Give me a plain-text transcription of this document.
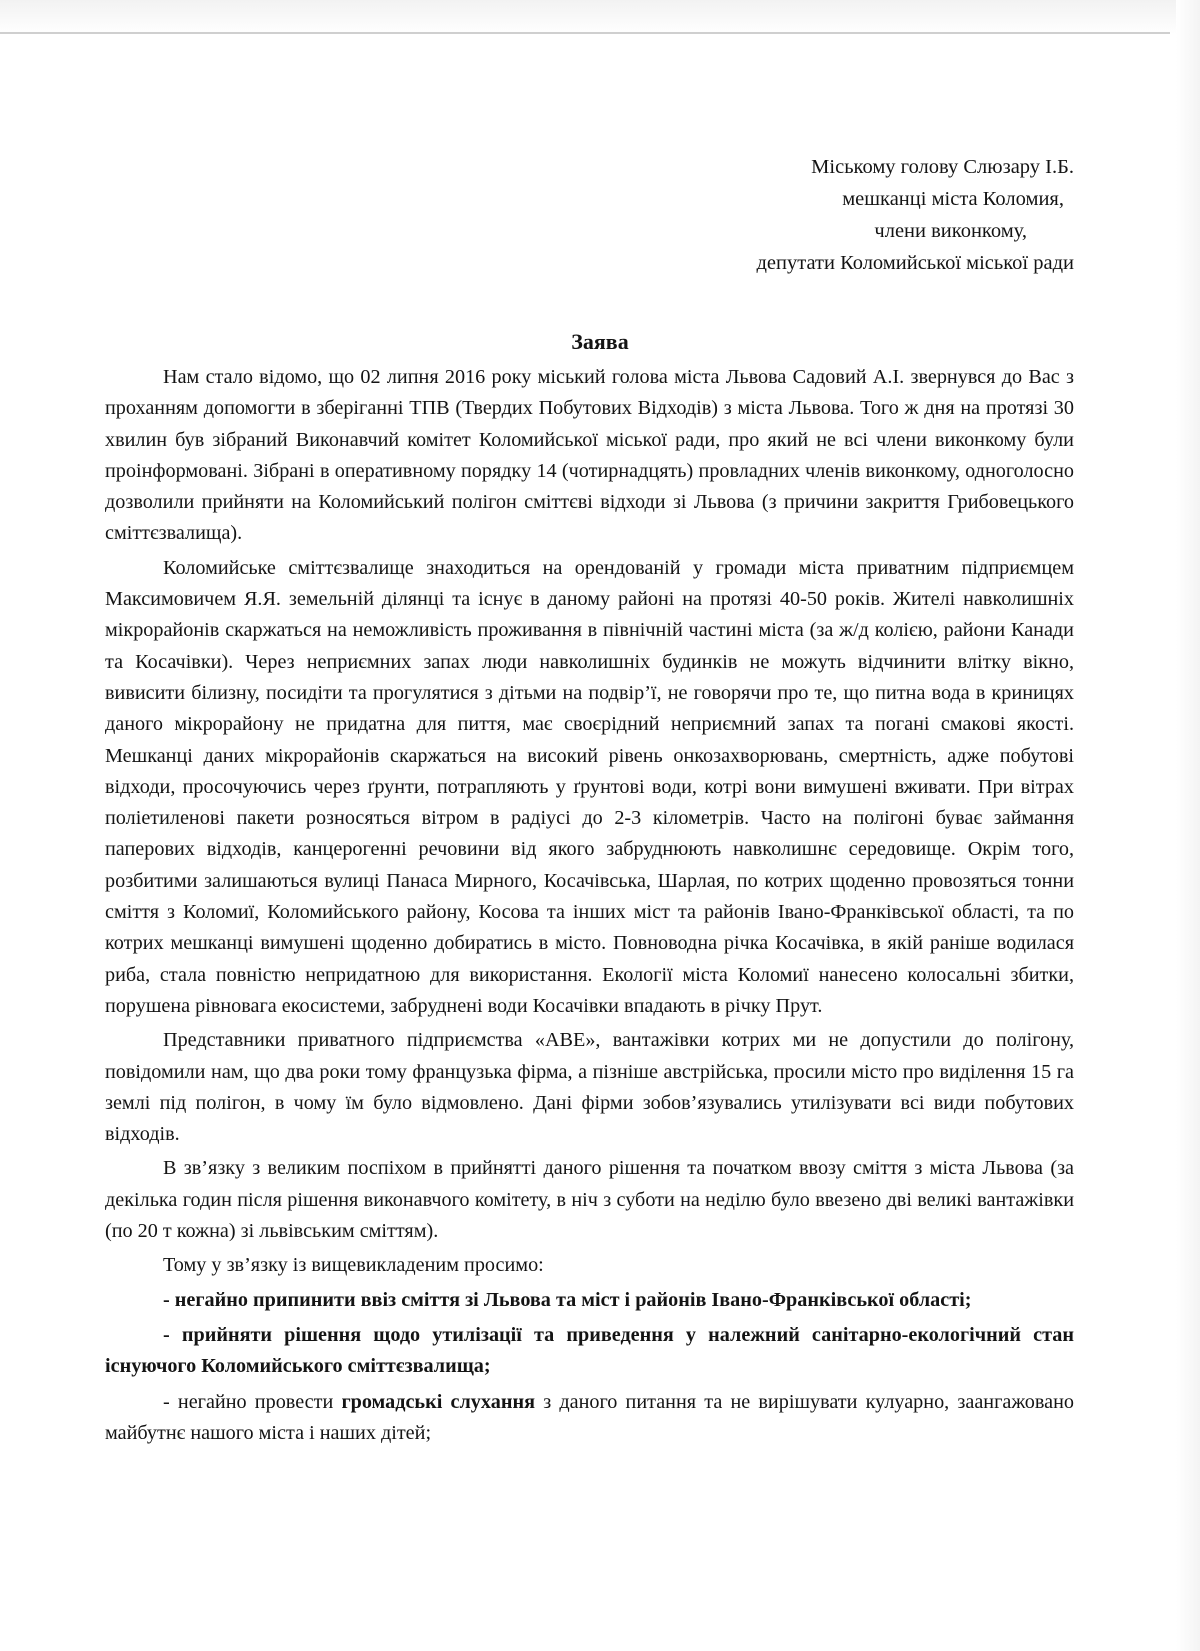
Міському голову Слюзару І.Б.
мешканці міста Коломия,
члени виконкому,
депутати Коломийської міської ради
Заява

Нам стало відомо, що 02 липня 2016 року міський голова міста Львова Садовий А.І. звернувся до Вас з проханням допомогти в зберіганні ТПВ (Твердих Побутових Відходів) з міста Львова. Того ж дня на протязі 30 хвилин був зібраний Виконавчий комітет Коломийської міської ради, про який не всі члени виконкому були проінформовані. Зібрані в оперативному порядку 14 (чотирнадцять) провладних членів виконкому, одноголосно дозволили прийняти на Коломийський полігон сміттєві відходи зі Львова (з причини закриття Грибовецького сміттєзвалища).

Коломийське сміттєзвалище знаходиться на орендованій у громади міста приватним підприємцем Максимовичем Я.Я. земельній ділянці та існує в даному районі на протязі 40-50 років. Жителі навколишніх мікрорайонів скаржаться на неможливість проживання в північній частині міста (за ж/д колією, райони Канади та Косачівки). Через неприємних запах люди навколишніх будинків не можуть відчинити влітку вікно, вивисити білизну, посидіти та прогулятися з дітьми на подвір’ї, не говорячи про те, що питна вода в криницях даного мікрорайону не придатна для пиття, має своєрідний неприємний запах та погані смакові якості. Мешканці даних мікрорайонів скаржаться на високий рівень онкозахворювань, смертність, адже побутові відходи, просочуючись через ґрунти, потрапляють у ґрунтові води, котрі вони вимушені вживати. При вітрах поліетиленові пакети розносяться вітром в радіусі до 2-3 кілометрів. Часто на полігоні буває займання паперових відходів, канцерогенні речовини від якого забруднюють навколишнє середовище. Окрім того, розбитими залишаються вулиці Панаса Мирного, Косачівська, Шарлая, по котрих щоденно провозяться тонни сміття з Коломиї, Коломийського району, Косова та інших міст та районів Івано-Франківської області, та по котрих мешканці вимушені щоденно добиратись в місто. Повноводна річка Косачівка, в якій раніше водилася риба, стала повністю непридатною для використання. Екології міста Коломиї нанесено колосальні збитки, порушена рівновага екосистеми, забруднені води Косачівки впадають в річку Прут.

Представники приватного підприємства «АВЕ», вантажівки котрих ми не допустили до полігону, повідомили нам, що два роки тому французька фірма, а пізніше австрійська, просили місто про виділення 15 га землі під полігон, в чому їм було відмовлено. Дані фірми зобов’язувались утилізувати всі види побутових відходів.

В зв’язку з великим поспіхом в прийнятті даного рішення та початком ввозу сміття з міста Львова (за декілька годин після рішення виконавчого комітету, в ніч з суботи на неділю було ввезено дві великі вантажівки (по 20 т кожна) зі львівським сміттям).

Тому у зв’язку із вищевикладеним просимо:

- негайно припинити ввіз сміття зі Львова та міст і районів Івано-Франківської області;

- прийняти рішення щодо утилізації та приведення у належний санітарно-екологічний стан існуючого Коломийського сміттєзвалища;

- негайно провести громадські слухання з даного питання та не вирішувати кулуарно, заангажовано майбутнє нашого міста і наших дітей;
